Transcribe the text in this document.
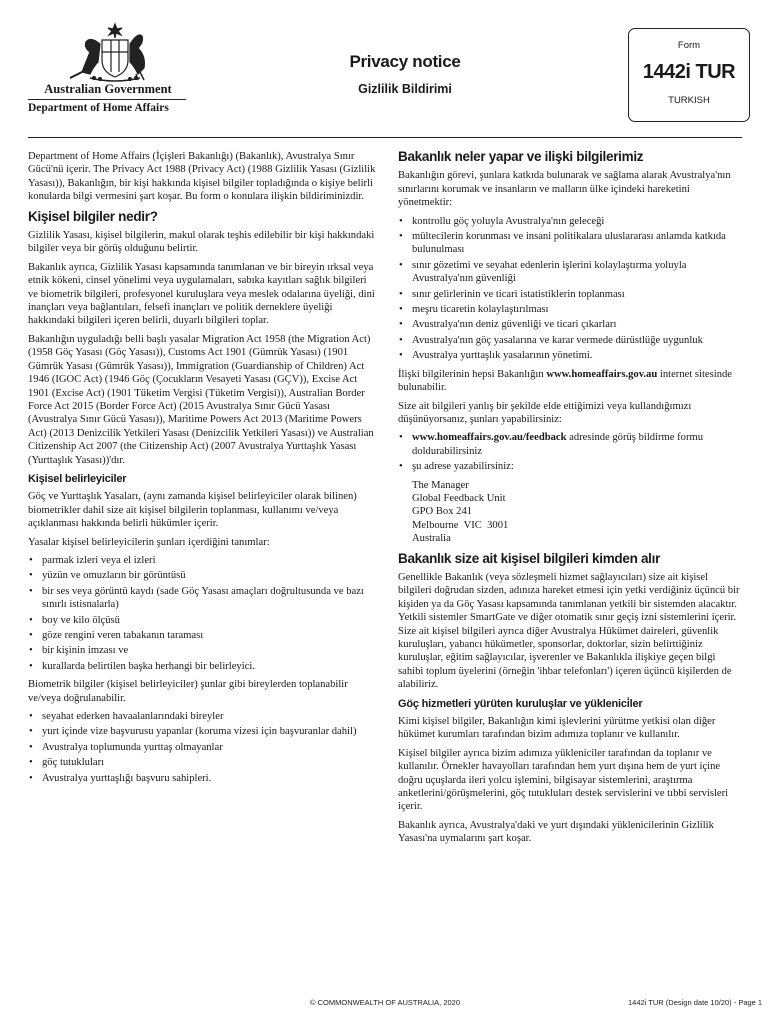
Australian Government
Department of Home Affairs
Privacy notice
Gizlilik Bildirimi
Form
1442i TUR
TURKISH

Department of Home Affairs (İçişleri Bakanlığı) (Bakanlık), Avustralya Sınır Gücü'nü içerir. The Privacy Act 1988 (Privacy Act) (1988 Gizlilik Yasası (Gizlilik Yasası)), Bakanlığın, bir kişi hakkında kişisel bilgiler topladığında o kişiye belirli konularda bilgi vermesini şart koşar. Bu form o konulara ilişkin bildiriminizdir.

Kişisel bilgiler nedir?

Gizlilik Yasası, kişisel bilgilerin, makul olarak teşhis edilebilir bir kişi hakkındaki bilgiler veya bir görüş olduğunu belirtir.

Bakanlık ayrıca, Gizlilik Yasası kapsamında tanımlanan ve bir bireyin ırksal veya etnik kökeni, cinsel yönelimi veya uygulamaları, sabıka kayıtları sağlık bilgileri ve biometrik bilgileri, profesyonel kuruluşlara veya meslek odalarına üyeliği, dini inançları veya bağlantıları, felsefi inançları ve politik derneklere üyeliği hakkındaki bilgileri içeren belirli, duyarlı bilgileri toplar.

Bakanlığın uyguladığı belli başlı yasalar Migration Act 1958 (the Migration Act) (1958 Göç Yasası (Göç Yasası)), Customs Act 1901 (Gümrük Yasası) (1901 Gümrük Yasası (Gümrük Yasası)), Immigration (Guardianship of Children) Act 1946 (IGOC Act) (1946 Göç (Çocukların Vesayeti Yasası (GÇV)), Excise Act 1901 (Excise Act) (1901 Tüketim Vergisi (Tüketim Vergisi)), Australian Border Force Act 2015 (Border Force Act) (2015 Avustralya Sınır Gücü Yasası (Avustralya Sınır Gücü Yasası)), Maritime Powers Act 2013 (Maritime Powers Act) (2013 Denizcilik Yetkileri Yasası (Denizcilik Yetkileri Yasası)) ve Australian Citizenship Act 2007 (the Citizenship Act) (2007 Avustralya Yurttaşlık Yasası (Yurttaşlık Yasası))'dır.

Kişisel belirleyiciler

Göç ve Yurttaşlık Yasaları, (aynı zamanda kişisel belirleyiciler olarak bilinen) biometrikler dahil size ait kişisel bilgilerin toplanması, kullanımı ve/veya açıklanması hakkında belirli hükümler içerir.

Yasalar kişisel belirleyicilerin şunları içerdiğini tanımlar:

• parmak izleri veya el izleri
• yüzün ve omuzların bir görüntüsü
• bir ses veya görüntü kaydı (sade Göç Yasası amaçları doğrultusunda ve bazı sınırlı istisnalarla)
• boy ve kilo ölçüsü
• göze rengini veren tabakanın taraması
• bir kişinin imzası ve
• kurallarda belirtilen başka herhangi bir belirleyici.

Biometrik bilgiler (kişisel belirleyiciler) şunlar gibi bireylerden toplanabilir ve/veya doğrulanabilir.

• seyahat ederken havaalanlarındaki bireyler
• yurt içinde vize başvurusu yapanlar (koruma vizesi için başvuranlar dahil)
• Avustralya toplumunda yurttaş olmayanlar
• göç tutukluları
• Avustralya yurttaşlığı başvuru sahipleri.
Bakanlık neler yapar ve ilişki bilgilerimiz

Bakanlığın görevi, şunlara katkıda bulunarak ve sağlama alarak Avustralya'nın sınırlarını korumak ve insanların ve malların ülke içindeki hareketini yönetmektir:

• kontrollu göç yoluyla Avustralya'nın geleceği
• mültecilerin korunması ve insani politikalara uluslararası anlamda katkıda bulunulması
• sınır gözetimi ve seyahat edenlerin işlerini kolaylaştırma yoluyla Avustralya'nın güvenliği
• sınır gelirlerinin ve ticari istatistiklerin toplanması
• meşru ticaretin kolaylaştırılması
• Avustralya'nın deniz güvenliği ve ticari çıkarları
• Avustralya'nın göç yasalarına ve karar vermede dürüstlüğe uygunluk
• Avustralya yurttaşlık yasalarının yönetimi.

İlişki bilgilerinin hepsi Bakanlığın www.homeaffairs.gov.au internet sitesinde bulunabilir.

Size ait bilgileri yanlış bir şekilde elde ettiğimizi veya kullandığımızı düşünüyorsanız, şunları yapabilirsiniz:

• www.homeaffairs.gov.au/feedback adresinde görüş bildirme formu doldurabilirsiniz
• şu adrese yazabilirsiniz:
The Manager
Global Feedback Unit
GPO Box 241
Melbourne  VIC  3001
Australia
Bakanlık size ait kişisel bilgileri kimden alır

Genellikle Bakanlık (veya sözleşmeli hizmet sağlayıcıları) size ait kişisel bilgileri doğrudan sizden, adınıza hareket etmesi için yetki verdiğiniz üçüncü bir kişiden ya da Göç Yasası kapsamında tanımlanan yetkili bir sistemden alacaktır. Yetkili sistemler SmartGate ve diğer otomatik sınır geçiş izni sistemlerini içerir. Size ait kişisel bilgileri ayrıca diğer Avustralya Hükümet daireleri, güvenlik kuruluşları, yabancı hükümetler, sponsorlar, doktorlar, sizin belirttiğiniz kuruluşlar, eğitim sağlayıcılar, işverenler ve Bakanlıkla ilişkiye geçen bilgi sahibi toplum üyelerini (örneğin 'ihbar telefonları') içeren üçüncü kişilerden de alabiliriz.

Göç hizmetleri yürüten kuruluşlar ve yüklenici̇ler

Kimi kişisel bilgiler, Bakanlığın kimi işlevlerini yürütme yetkisi olan diğer hükümet kurumları tarafından bizim adımıza toplanır ve kullanılır.

Kişisel bilgiler ayrıca bizim adımıza yükleniciler tarafından da toplanır ve kullanılır. Örnekler havayolları tarafından hem yurt dışına hem de yurt içine doğru uçuşlarda ileri yolcu işlemini, bilgisayar sistemlerini, araştırma anketlerini/görüşmelerini, göç tutukluları destek servislerini ve tıbbi servisleri içerir.

Bakanlık ayrıca, Avustralya'daki ve yurt dışındaki yüklenicilerinin Gizlilik Yasası'na uymalarını şart koşar.

© COMMONWEALTH OF AUSTRALIA, 2020	1442i TUR (Design date 10/20) - Page 1
